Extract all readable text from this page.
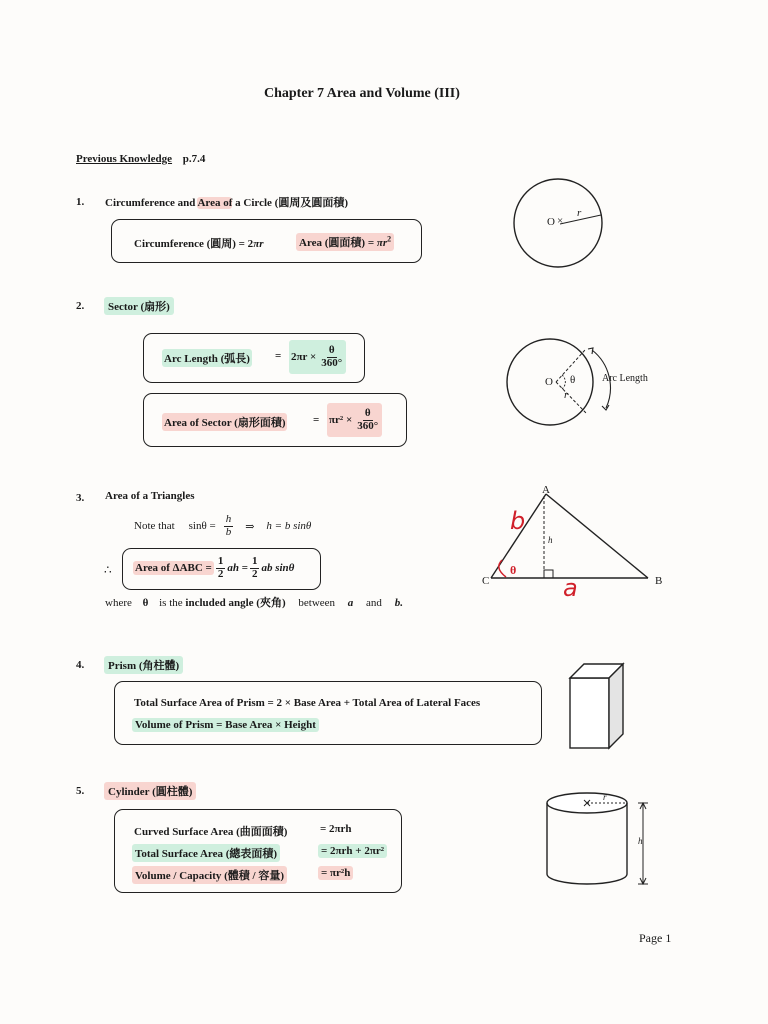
Chapter 7 Area and Volume (III)
Previous Knowledge p.7.4
1. Circumference and Area of a Circle (圓周及圓面積)
Circumference (圓周) = 2πr	Area (圓面積) = $\pi r^2$
O ×
r
2.	Sector (扇形)
Arc Length (弧長) = $2\pi r \times \frac{\theta}{360^\circ}$
Area of Sector (扇形面積)	= $\pi r^2 \times \frac{\theta}{360^\circ}$
O θ
r
Arc Length
3. Area of a Triangles
Note that $\sin\theta = \frac{h}{b}$ ⇒ h = b sinθ
∴ Area of $\Delta ABC = \frac{1}{2}$ ah = $\frac{1}{2}$ ab sinθ
where θ is the included angle (夾角) between a and b.
A
B
C
h
b
a
θ
4.	Prism (角柱體)
Total Surface Area of Prism = 2 × Base Area + Total Area of Lateral Faces
Volume of Prism = Base Area × Height
5.	Cylinder (圓柱體)
Curved Surface Area (曲面面積)	= 2πrh
Total Surface Area (總表面積)	= 2πrh + 2πr²
Volume / Capacity (體積 / 容量)	= πr²h
r
h
Page 1
